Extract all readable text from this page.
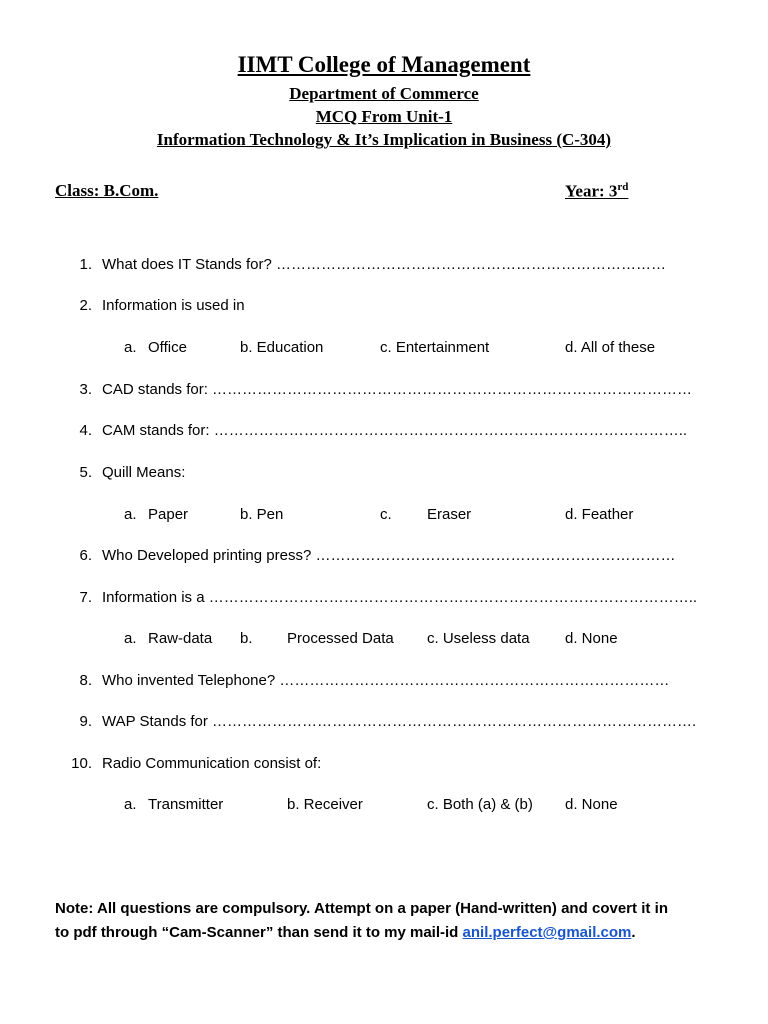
IIMT College of Management
Department of Commerce
MCQ From Unit-1
Information Technology & It’s Implication in Business (C-304)
Class: B.Com.	Year: 3rd
1. What does IT Stands for? ……………………………………………………………………
2. Information is used in
a. Office	b. Education	c. Entertainment	d. All of these
3. CAD stands for: ……………………………………………………………………………………
4. CAM stands for: …………………………………………………………………………………..
5. Quill Means:
a. Paper	b. Pen	c. Eraser	d. Feather
6. Who Developed printing press? ………………………………………………………………
7. Information is a ……………………………………………………………………………………..
a. Raw-data b. Processed Data c. Useless data d. None
8. Who invented Telephone? ……………………………………………………………………
9. WAP Stands for …………………………………………………………………………………….
10. Radio Communication consist of:
a. Transmitter	b. Receiver	c. Both (a) & (b) d. None
Note: All questions are compulsory. Attempt on a paper (Hand-written) and covert it in to pdf through “Cam-Scanner” than send it to my mail-id anil.perfect@gmail.com.
